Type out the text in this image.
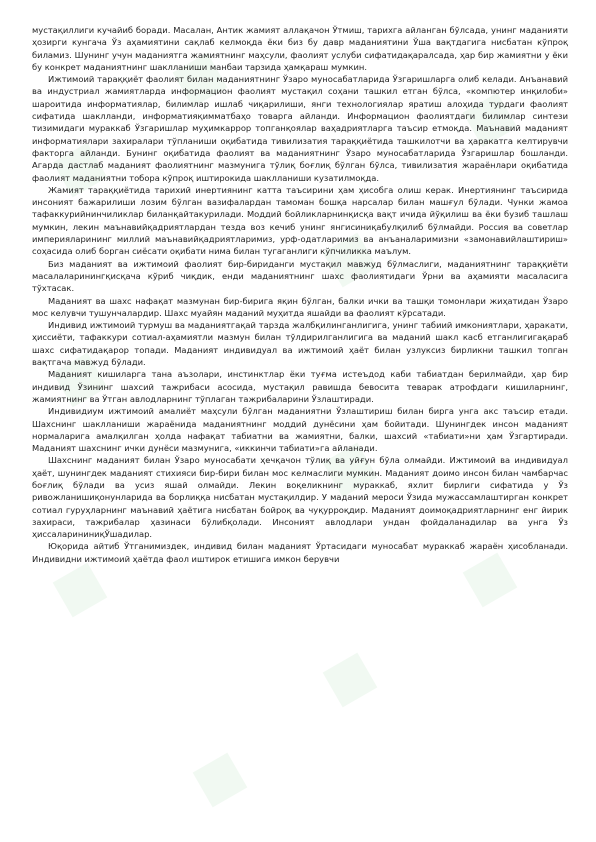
мустақиллиги кучайиб боради. Масалан, Антик жамият аллақачон Ўтмиш, тарихга айланган бўлсада, унинг маданияти ҳозирги кунгача Ўз аҳамиятини сақлаб келмоқда ёки биз бу давр маданиятини Ўша вақтдагига нисбатан кўпроқ биламиз. Шунинг учун маданиятга жамиятнинг маҳсули, фаолият услуби сифатидақаралсада, ҳар бир жамиятни у ёки бу конкрет маданиятнинг шаклланиши манбаи тарзида ҳамқараш мумкин.

Ижтимоий тараққиёт фаолият билан маданиятнинг Ўзаро муносабатларида Ўзгаришларга олиб келади. Анъанавий ва индустриал жамиятларда информацион фаолият мустақил соҳани ташкил етган бўлса, «компютер инқилоби» шароитида информатиялар, билимлар ишлаб чиқарилиши, янги технологиялар яратиш алоҳида турдаги фаолият сифатида шаклланди, информатияқимматбаҳо товарга айланди. Информацион фаолиятдаги билимлар синтези тизимидаги мураккаб Ўзгаришлар муҳимкаррор топганқоялар ваҳадриятларга таъсир етмоқда. Маънавий маданият информатиялари захиралари тўпланиши оқибатида тивилизатия тараққиётида ташкилотчи ва ҳаракатга келтирувчи факторга айланди. Бунинг оқибатида фаолият ва маданиятнинг Ўзаро муносабатларида Ўзгаришлар бошланди. Агарда дастлаб маданият фаолиятнинг мазмунига тўлиқ боғлиқ бўлган бўлса, тивилизатия жараёнлари оқибатида фаолият маданиятни тобора кўпроқ иштирокида шаклланиши кузатилмоқда.

Жамият тараққиётида тарихий инертиянинг катта таъсирини ҳам ҳисобга олиш керак. Инертиянинг таъсирида инсоният бажарилиши лозим бўлган вазифалардан тамоман бошқа нарсалар билан машғул бўлади. Чунки жамоа тафаккурийнинчиликлар биланқайтакурилади. Моддий бойликларнинқисқа вақт ичида йўқилиш ва ёки бузиб ташлаш мумкин, лекин маънавийқадриятлардан тезда воз кечиб унинг янгисиниқабулқилиб бўлмайди. Россия ва советлар империяларининг миллий маънавийқадриятларимиз, урф-одатларимиз ва анъаналаримизни «замонавийлаштириш» соҳасида олиб борган сиёсати оқибати нима билан тугаганлиги кўпчиликка маълум.

Биз маданият ва ижтимоий фаолият бир-бириданги мустақил мавжуд бўлмаслиги, маданиятнинг тараққиёти масалаларинингқисқача кўриб чиқдик, енди маданиятнинг шахс фаолиятидаги Ўрни ва аҳамияти масаласига тўхтасак.

Маданият ва шахс нафақат мазмунан бир-бирига яқин бўлган, балки ички ва ташқи томонлари жиҳатидан Ўзаро мос келувчи тушунчалардир. Шахс муайян маданий муҳитда яшайди ва фаолият кўрсатади.

Индивид ижтимоий турмуш ва маданиятгақай тарзда жалбқилинганлигига, унинг табиий имкониятлари, ҳаракати, ҳиссиёти, тафаккури сотиал-аҳамиятли мазмун билан тўлдирилганлигига ва маданий шакл касб етганлигигақараб шахс сифатидақарор топади. Маданият индивидуал ва ижтимоий ҳаёт билан узлуксиз бирликни ташкил топган вақтгача мавжуд бўлади.

Маданият кишиларга тана аъзолари, инстинктлар ёки туғма истеъдод каби табиатдан берилмайди, ҳар бир индивид Ўзининг шахсий тажрибаси асосида, мустақил равишда бевосита теварак атрофдаги кишиларнинг, жамиятнинг ва Ўтган авлодларнинг тўплаган тажрибаларини Ўзлаштиради.

Индивидиум ижтимоий амалиёт маҳсули бўлган маданиятни Ўзлаштириш билан бирга унга акс таъсир етади. Шахснинг шаклланиши жараёнида маданиятнинг моддий дунёсини ҳам бойитади. Шунингдек инсон маданият нормаларига амалқилган ҳолда нафақат табиатни ва жамиятни, балки, шахсий «табиати»ни ҳам Ўзгартиради. Маданият шахснинг ички дунёси мазмунига, «иккинчи табиати»га айланади.

Шахснинг маданият билан Ўзаро муносабати ҳечқачон тўлиқ ва уйғун бўла олмайди. Ижтимоий ва индивидуал ҳаёт, шунингдек маданият стихияси бир-бири билан мос келмаслиги мумкин. Маданият доимо инсон билан чамбарчас боғлиқ бўлади ва усиз яшай олмайди. Лекин воқеликнинг мураккаб, яхлит бирлиги сифатида у Ўз ривожланишиқонунларида ва борлиққа нисбатан мустақилдир. У маданий мероси Ўзида мужассамлаштирган конкрет сотиал гуруҳларнинг маънавий ҳаётига нисбатан бойроқ ва чуқурроқдир. Маданият доимоқадриятларнинг енг йирик захираси, тажрибалар ҳазинаси бўлибқолади. Инсоният авлодлари ундан фойдаланадилар ва унга Ўз ҳиссаларининиқЎшадилар.

Юқорида айтиб Ўтганимиздек, индивид билан маданият Ўртасидаги муносабат мураккаб жараён ҳисобланади. Индивидни ижтимоий ҳаётда фаол иштирок етишига имкон берувчи
